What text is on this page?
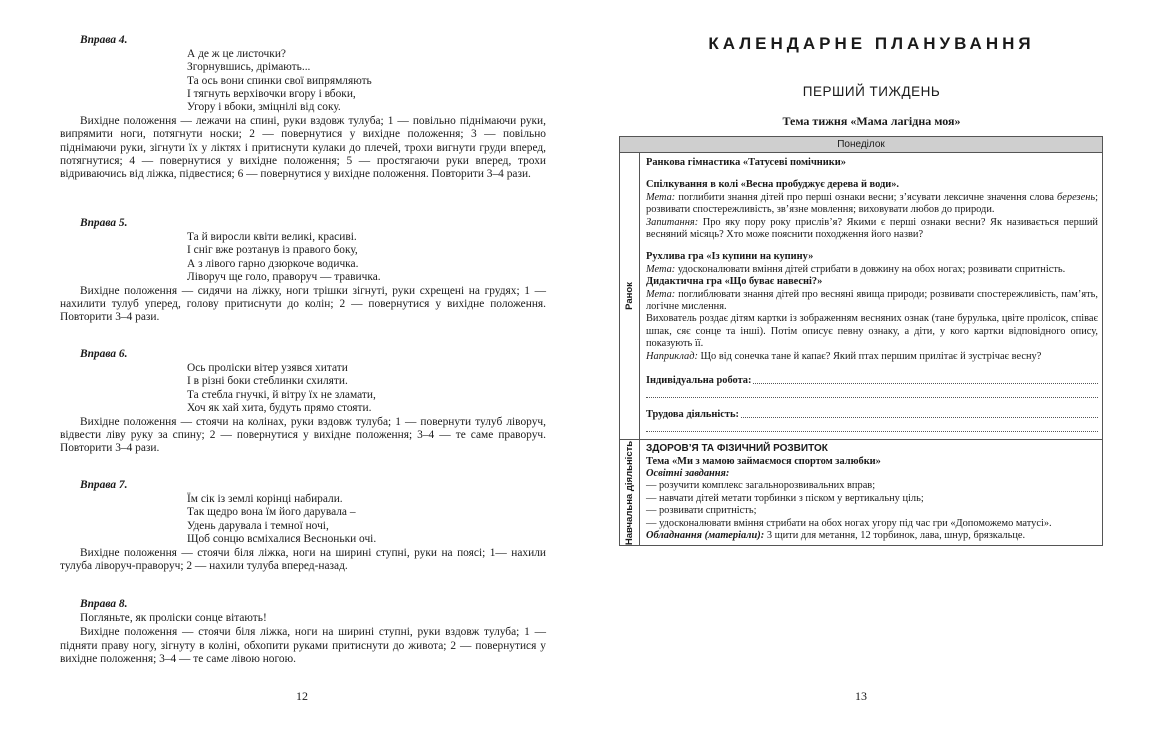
Вправа 4.
А де ж це листочки?
Згорнувшись, дрімають...
Та ось вони спинки свої випрямляють
І тягнуть верхівочки вгору і вбоки,
Угору і вбоки, зміцнілі від соку.
Вихідне положення — лежачи на спині, руки вздовж тулуба; 1 — повільно піднімаючи руки, випрямити ноги, потягнути носки; 2 — повернутися у вихідне положення; 3 — повільно піднімаючи руки, зігнути їх у ліктях і притиснути кулаки до плечей, трохи вигнути груди вперед, потягнутися; 4 — повернутися у вихідне положення; 5 — простягаючи руки вперед, трохи відриваючись від ліжка, підвестися; 6 — повернутися у вихідне положення. Повторити 3–4 рази.
Вправа 5.
Та й виросли квіти великі, красиві.
І сніг вже розтанув із правого боку,
А з лівого гарно дзюркоче водичка.
Ліворуч ще голо, праворуч — травичка.
Вихідне положення — сидячи на ліжку, ноги трішки зігнуті, руки схрещені на грудях; 1 — нахилити тулуб уперед, голову притиснути до колін; 2 — повернутися у вихідне положення. Повторити 3–4 рази.
Вправа 6.
Ось проліски вітер узявся хитати
І в різні боки стеблинки схиляти.
Та стебла гнучкі, й вітру їх не зламати,
Хоч як хай хита, будуть прямо стояти.
Вихідне положення — стоячи на колінах, руки вздовж тулуба; 1 — повернути тулуб ліворуч, відвести ліву руку за спину; 2 — повернутися у вихідне положення; 3–4 — те саме праворуч. Повторити 3–4 рази.
Вправа 7.
Їм сік із землі корінці набирали.
Так щедро вона їм його дарувала –
Удень дарувала і темної ночі,
Щоб сонцю всміхалися Весноньки очі.
Вихідне положення — стоячи біля ліжка, ноги на ширині ступні, руки на поясі; 1— нахили тулуба ліворуч-праворуч; 2 — нахили тулуба вперед-назад.
Вправа 8.
Погляньте, як проліски сонце вітають!
Вихідне положення — стоячи біля ліжка, ноги на ширині ступні, руки вздовж тулуба; 1 — підняти праву ногу, зігнуту в коліні, обхопити руками притиснути до живота; 2 — повернутися у вихідне положення; 3–4 — те саме лівою ногою.
12
КАЛЕНДАРНЕ ПЛАНУВАННЯ
ПЕРШИЙ ТИЖДЕНЬ
Тема тижня «Мама лагідна моя»
Понеділок
Ранок

Ранкова гімнастика «Татусеві помічники»

Спілкування в колі «Весна пробуджує дерева й води».

Мета: поглибити знання дітей про перші ознаки весни; з’ясувати лексичне значення слова березень; розвивати спостережливість, зв’язне мовлення; виховувати любов до природи.

Запитання: Про яку пору року прислів’я? Якими є перші ознаки весни? Як називається перший весняний місяць? Хто може пояснити походження його назви?

Рухлива гра «Із купини на купину»

Мета: удосконалювати вміння дітей стрибати в довжину на обох ногах; розвивати спритність.

Дидактична гра «Що буває навесні?»

Мета: поглиблювати знання дітей про весняні явища природи; розвивати спостережливість, пам’ять, логічне мислення.

Вихователь роздає дітям картки із зображенням весняних ознак (тане бурулька, цвіте пролісок, співає шпак, сяє сонце та інші). Потім описує певну ознаку, а діти, у кого картки відповідного опису, показують її.

Наприклад: Що від сонечка тане й капає? Який птах першим прилітає й зустрічає весну?

Індивідуальна робота:
Трудова діяльність:
Навчальна діяльність ЗДОРОВ’Я ТА ФІЗИЧНИЙ РОЗВИТОК

Тема «Ми з мамою займаємося спортом залюбки»

Освітні завдання:

— розучити комплекс загальнорозвивальних вправ;

— навчати дітей метати торбинки з піском у вертикальну ціль;

— розвивати спритність;

— удосконалювати вміння стрибати на обох ногах угору під час гри «Допоможемо матусі».

Обладнання (матеріали): 3 щити для метання, 12 торбинок, лава, шнур, брязкальце.

13
